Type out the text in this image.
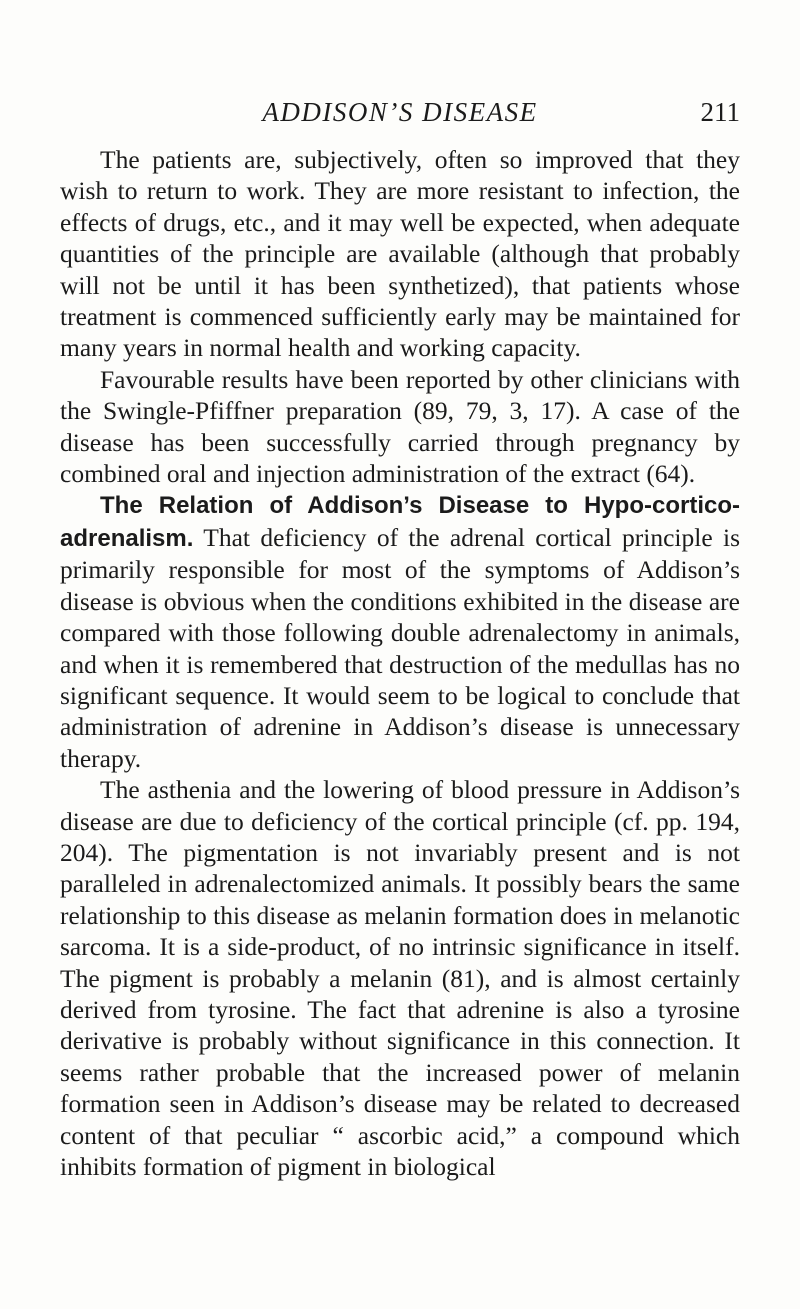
ADDISON’S DISEASE	211

The patients are, subjectively, often so improved that they wish to return to work. They are more resistant to infection, the effects of drugs, etc., and it may well be expected, when adequate quantities of the principle are available (although that probably will not be until it has been synthetized), that patients whose treatment is commenced sufficiently early may be maintained for many years in normal health and working capacity.

Favourable results have been reported by other clinicians with the Swingle-Pfiffner preparation (89, 79, 3, 17). A case of the disease has been successfully carried through pregnancy by combined oral and injection administration of the extract (64).

The Relation of Addison’s Disease to Hypo-cortico-adrenalism. That deficiency of the adrenal cortical principle is primarily responsible for most of the symptoms of Addison’s disease is obvious when the conditions exhibited in the disease are compared with those following double adrenalectomy in animals, and when it is remembered that destruction of the medullas has no significant sequence. It would seem to be logical to conclude that administration of adrenine in Addison’s disease is unnecessary therapy.

The asthenia and the lowering of blood pressure in Addison’s disease are due to deficiency of the cortical principle (cf. pp. 194, 204). The pigmentation is not invariably present and is not paralleled in adrenalectomized animals. It possibly bears the same relationship to this disease as melanin formation does in melanotic sarcoma. It is a side-product, of no intrinsic significance in itself. The pigment is probably a melanin (81), and is almost certainly derived from tyrosine. The fact that adrenine is also a tyrosine derivative is probably without significance in this connection. It seems rather probable that the increased power of melanin formation seen in Addison’s disease may be related to decreased content of that peculiar “ ascorbic acid,” a compound which inhibits formation of pigment in biological
